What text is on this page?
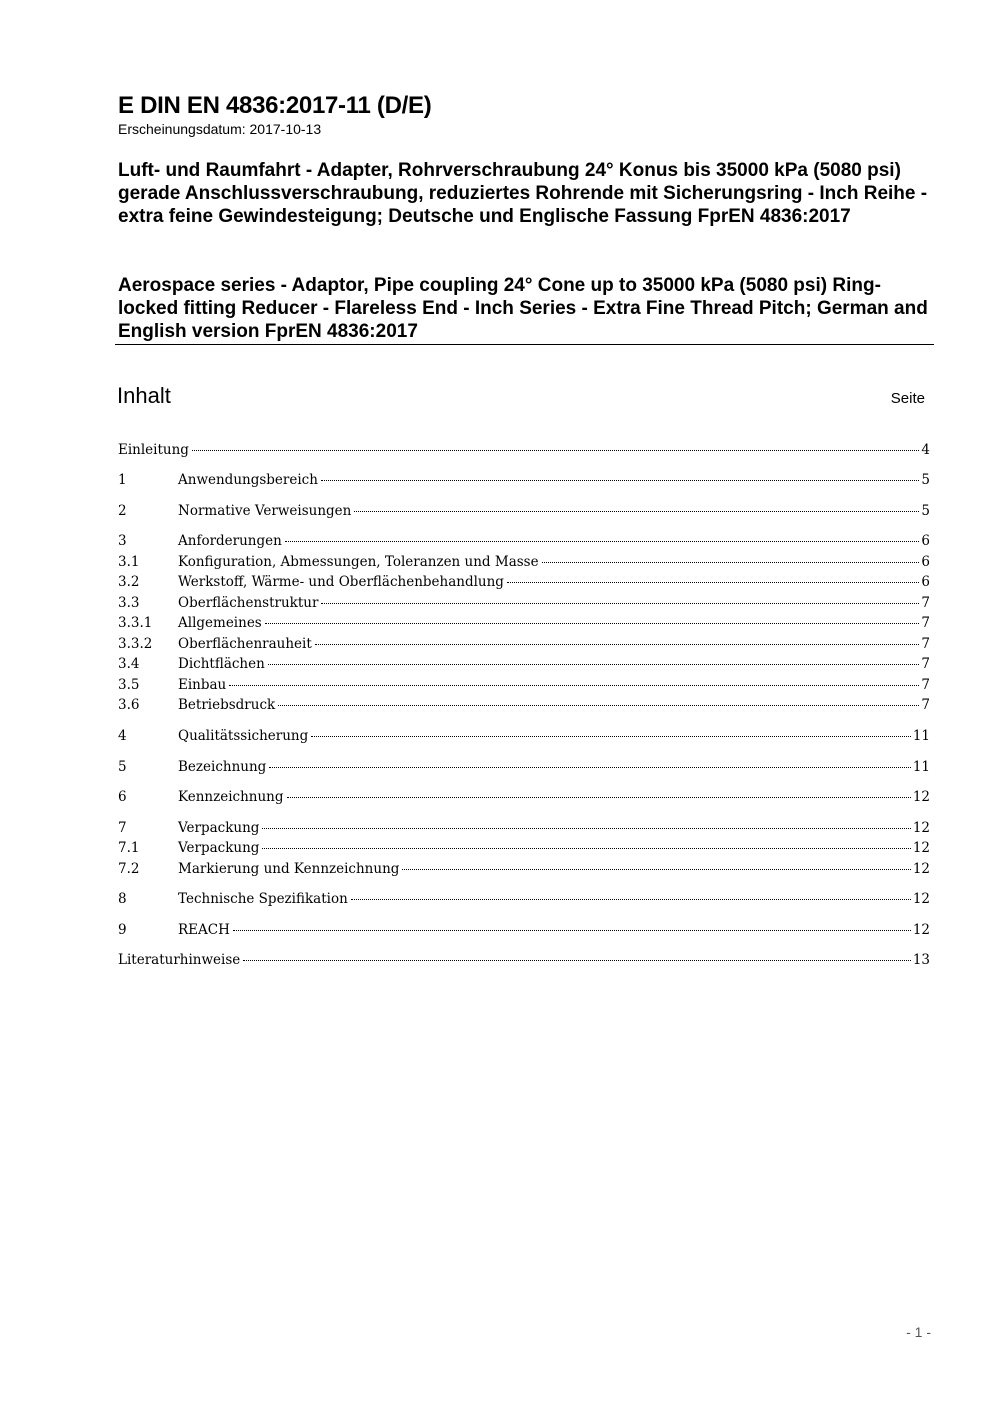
E DIN EN 4836:2017-11 (D/E)
Erscheinungsdatum: 2017-10-13
Luft- und Raumfahrt - Adapter, Rohrverschraubung 24° Konus bis 35000 kPa (5080 psi) gerade Anschlussverschraubung, reduziertes Rohrende mit Sicherungsring - Inch Reihe - extra feine Gewindesteigung; Deutsche und Englische Fassung FprEN 4836:2017
Aerospace series - Adaptor, Pipe coupling 24° Cone up to 35000 kPa (5080 psi) Ring-locked fitting Reducer - Flareless End - Inch Series - Extra Fine Thread Pitch; German and English version FprEN 4836:2017
Inhalt	Seite
Einleitung	4
1	Anwendungsbereich	5
2	Normative Verweisungen	5
3	Anforderungen	6
3.1	Konfiguration, Abmessungen, Toleranzen und Masse	6
3.2	Werkstoff, Wärme- und Oberflächenbehandlung	6
3.3	Oberflächenstruktur	7
3.3.1 Allgemeines	7
3.3.2 Oberflächenrauheit	7
3.4	Dichtflächen	7
3.5	Einbau	7
3.6	Betriebsdruck	7
4	Qualitätssicherung	11
5	Bezeichnung	11
6	Kennzeichnung	12
7	Verpackung	12
7.1	Verpackung	12
7.2	Markierung und Kennzeichnung	12
8	Technische Spezifikation	12
9	REACH	12
Literaturhinweise	13
- 1 -
